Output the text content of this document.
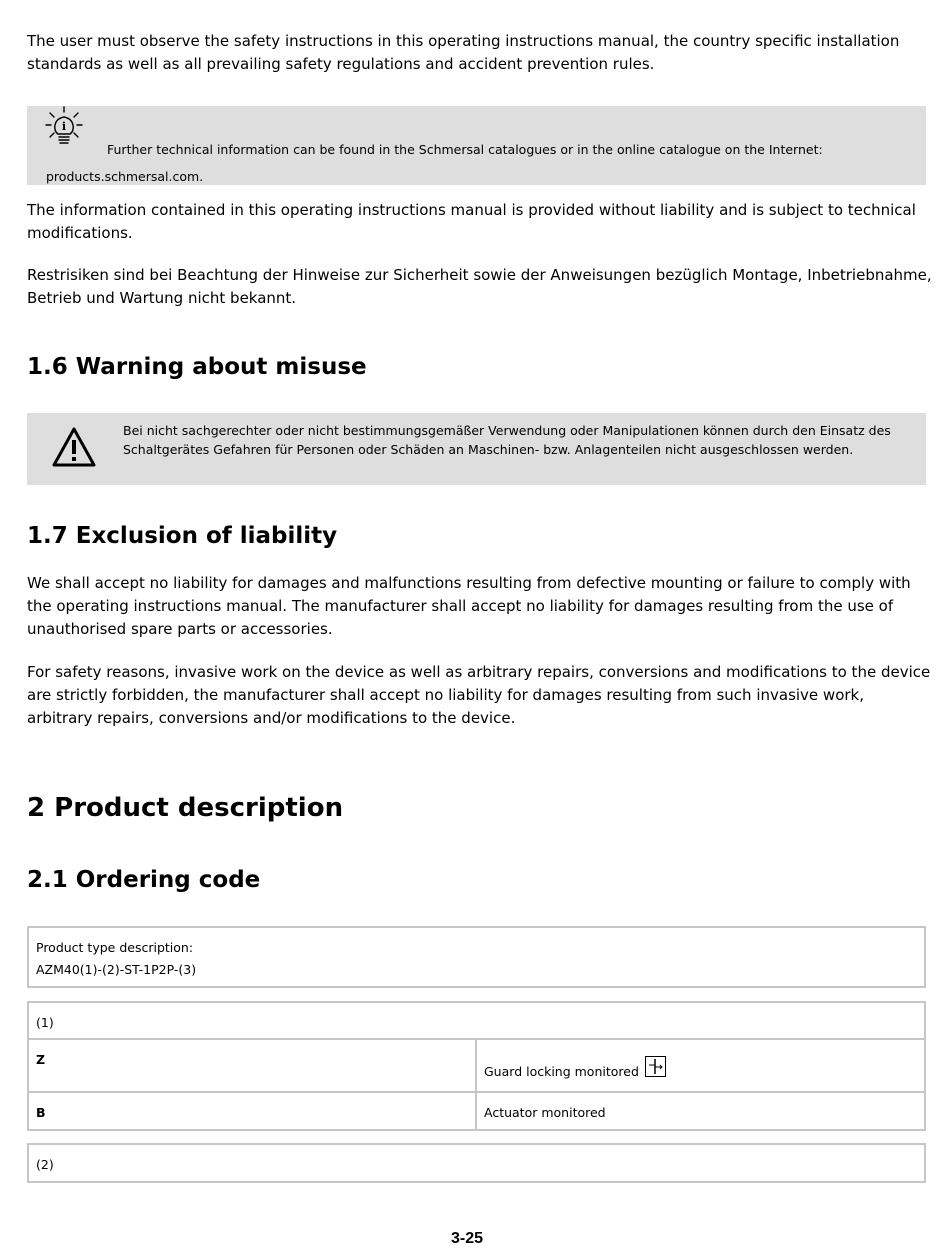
The user must observe the safety instructions in this operating instructions manual, the country specific installation standards as well as all prevailing safety regulations and accident prevention rules.

i
Further technical information can be found in the Schmersal catalogues or in the online catalogue on the Internet:
products.schmersal.com.

The information contained in this operating instructions manual is provided without liability and is subject to technical modifications.

Restrisiken sind bei Beachtung der Hinweise zur Sicherheit sowie der Anweisungen bezüglich Montage, Inbetriebnahme, Betrieb und Wartung nicht bekannt.

1.6 Warning about misuse

Bei nicht sachgerechter oder nicht bestimmungsgemäßer Verwendung oder Manipulationen können durch den Einsatz des Schaltgerätes Gefahren für Personen oder Schäden an Maschinen- bzw. Anlagenteilen nicht ausgeschlossen werden.

1.7 Exclusion of liability

We shall accept no liability for damages and malfunctions resulting from defective mounting or failure to comply with the operating instructions manual. The manufacturer shall accept no liability for damages resulting from the use of unauthorised spare parts or accessories.

For safety reasons, invasive work on the device as well as arbitrary repairs, conversions and modifications to the device are strictly forbidden, the manufacturer shall accept no liability for damages resulting from such invasive work, arbitrary repairs, conversions and/or modifications to the device.

2 Product description
2.1 Ordering code
Product type description:
AZM40(1)-(2)-ST-1P2P-(3)
(1)
Z
Guard locking monitored
B	Actuator monitored
(2)
3-25
